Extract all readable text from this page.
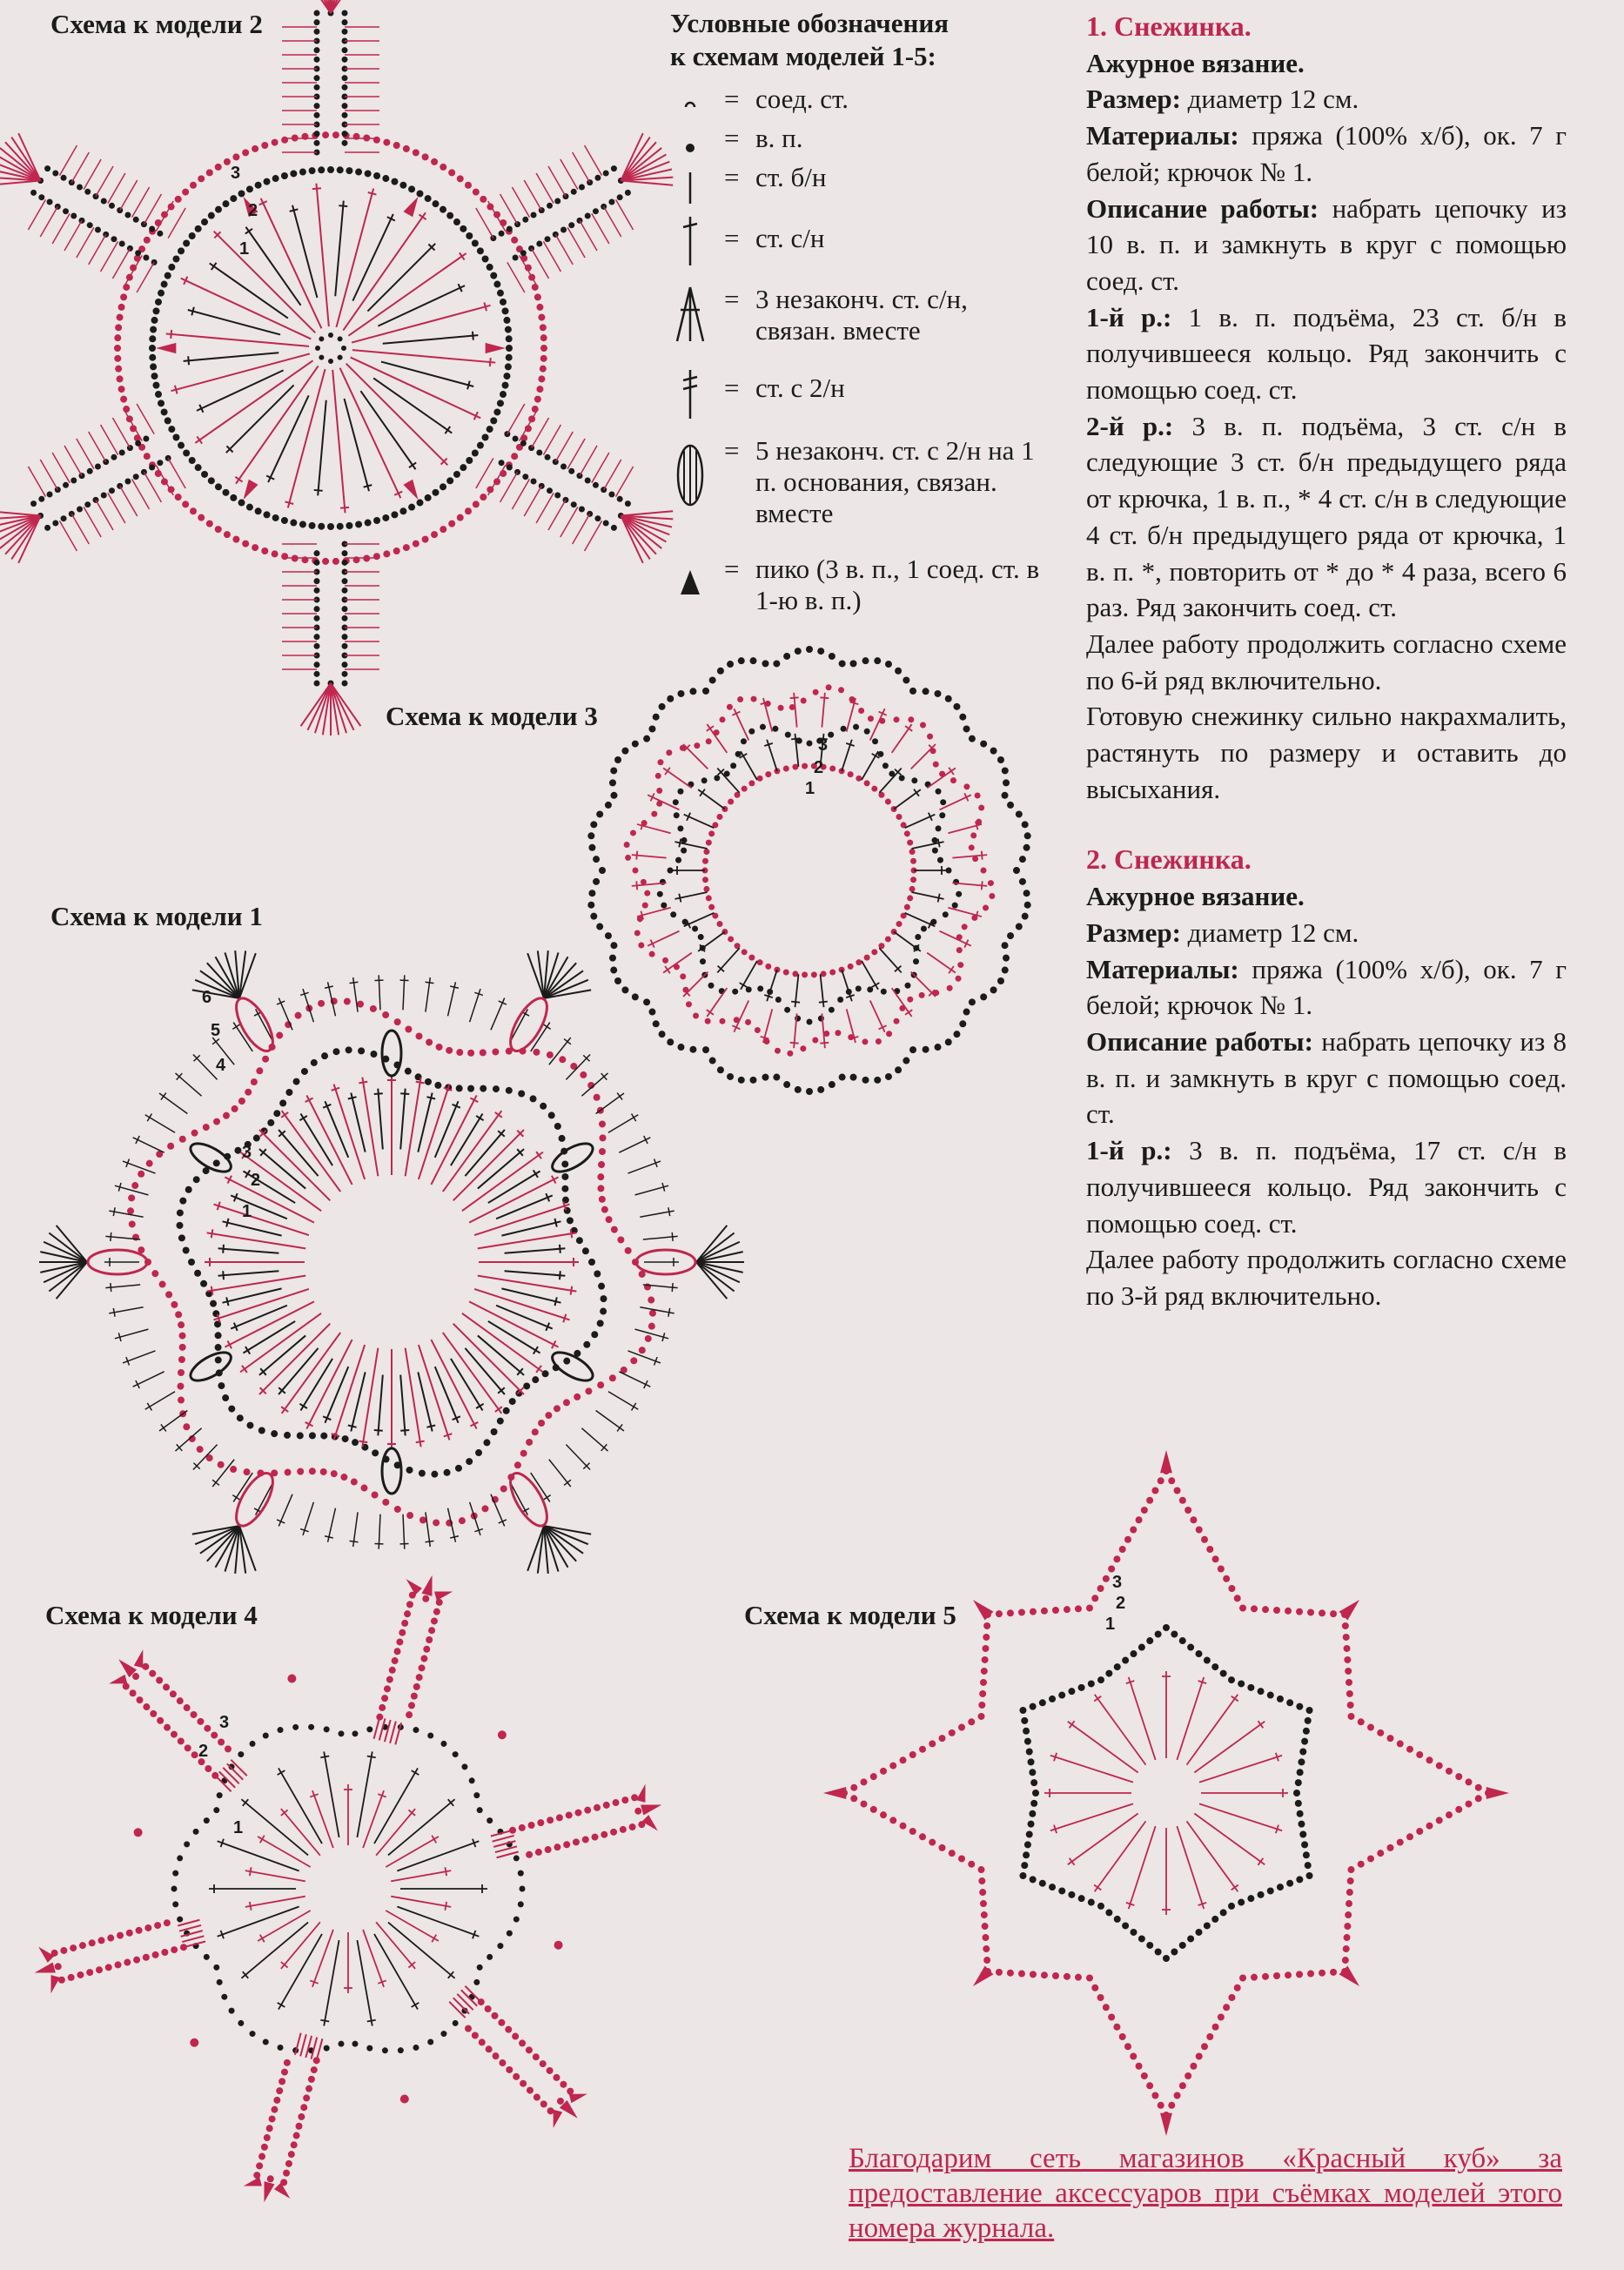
Схема к модели 2
Схема к модели 3
Схема к модели 1
Схема к модели 4	Схема к модели 5
Условные обозначения
к схемам моделей 1-5:
= соед. ст.
= в. п.
= ст. б/н
= ст. с/н
= 3 незаконч. ст. с/н, связан. вместе
= ст. с 2/н
= 5 незаконч. ст. с 2/н на 1 п. основания, связан. вместе
= пико (3 в. п., 1 соед. ст. в 1-ю в. п.)
1
2
3
1
2
3
1
2
3
4
5
6
1
2
3
1
2
3

1. Снежинка.

Ажурное вязание.

Размер: диаметр 12 см.

Материалы: пряжа (100% х/б), ок. 7 г белой; крючок № 1.

Описание работы: набрать цепочку из 10 в. п. и замкнуть в круг с помощью соед. ст.

1-й р.: 1 в. п. подъёма, 23 ст. б/н в получившееся кольцо. Ряд закончить с помощью соед. ст.

2-й р.: 3 в. п. подъёма, 3 ст. с/н в следующие 3 ст. б/н предыдущего ряда от крючка, 1 в. п., * 4 ст. с/н в следующие 4 ст. б/н предыдущего ряда от крючка, 1 в. п. *, повторить от * до * 4 раза, всего 6 раз. Ряд закончить соед. ст.

Далее работу продолжить согласно схеме по 6-й ряд включительно.

Готовую снежинку сильно накрахмалить, растянуть по размеру и оставить до высыхания.

2. Снежинка.

Ажурное вязание.

Размер: диаметр 12 см.

Материалы: пряжа (100% х/б), ок. 7 г белой; крючок № 1.

Описание работы: набрать цепочку из 8 в. п. и замкнуть в круг с помощью соед. ст.

1-й р.: 3 в. п. подъёма, 17 ст. с/н в получившееся кольцо. Ряд закончить с помощью соед. ст.

Далее работу продолжить согласно схеме по 3-й ряд включительно.

Благодарим сеть магазинов «Красный куб» за предоставление аксессуаров при съёмках моделей этого номера журнала.
